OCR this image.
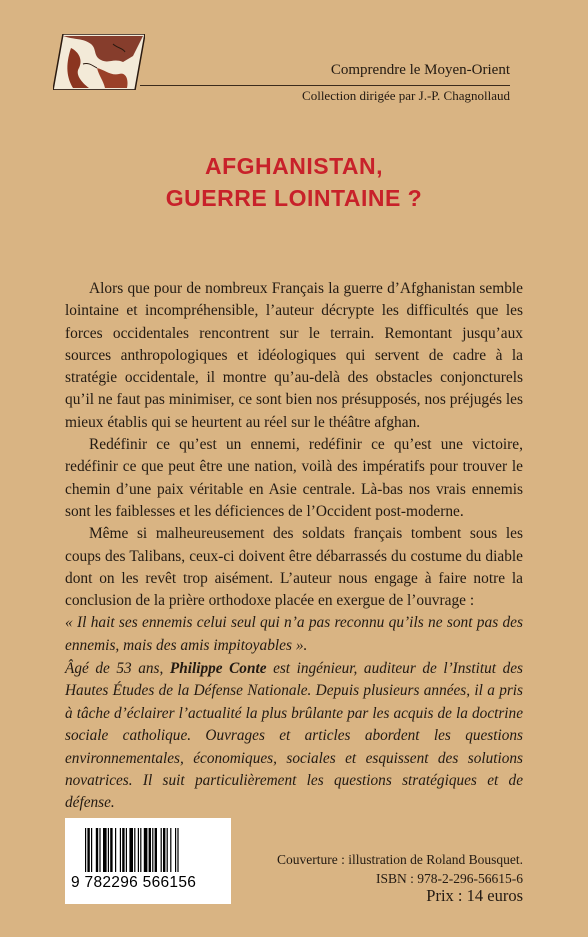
Comprendre le Moyen-Orient
Collection dirigée par J.-P. Chagnollaud
AFGHANISTAN,
GUERRE LOINTAINE ?

Alors que pour de nombreux Français la guerre d’Afghanistan semble lointaine et incompréhensible, l’auteur décrypte les difficultés que les forces occidentales rencontrent sur le terrain. Remontant jusqu’aux sources anthropologiques et idéologiques qui servent de cadre à la stratégie occidentale, il montre qu’au-delà des obstacles conjoncturels qu’il ne faut pas minimiser, ce sont bien nos présupposés, nos préjugés les mieux établis qui se heurtent au réel sur le théâtre afghan.

Redéfinir ce qu’est un ennemi, redéfinir ce qu’est une victoire, redéfinir ce que peut être une nation, voilà des impératifs pour trouver le chemin d’une paix véritable en Asie centrale. Là-bas nos vrais ennemis sont les faiblesses et les déficiences de l’Occident post-moderne.

Même si malheureusement des soldats français tombent sous les coups des Talibans, ceux-ci doivent être débarrassés du costume du diable dont on les revêt trop aisément. L’auteur nous engage à faire notre la conclusion de la prière orthodoxe placée en exergue de l’ouvrage :

« Il hait ses ennemis celui seul qui n’a pas reconnu qu’ils ne sont pas des ennemis, mais des amis impitoyables ».

Âgé de 53 ans, Philippe Conte est ingénieur, auditeur de l’Institut des Hautes Études de la Défense Nationale. Depuis plusieurs années, il a pris à tâche d’éclairer l’actualité la plus brûlante par les acquis de la doctrine sociale catholique. Ouvrages et articles abordent les questions environnementales, économiques, sociales et esquissent des solutions novatrices. Il suit particulièrement les questions stratégiques et de défense.
9 782296 566156
Couverture : illustration de Roland Bousquet.
ISBN : 978-2-296-56615-6
Prix : 14 euros
